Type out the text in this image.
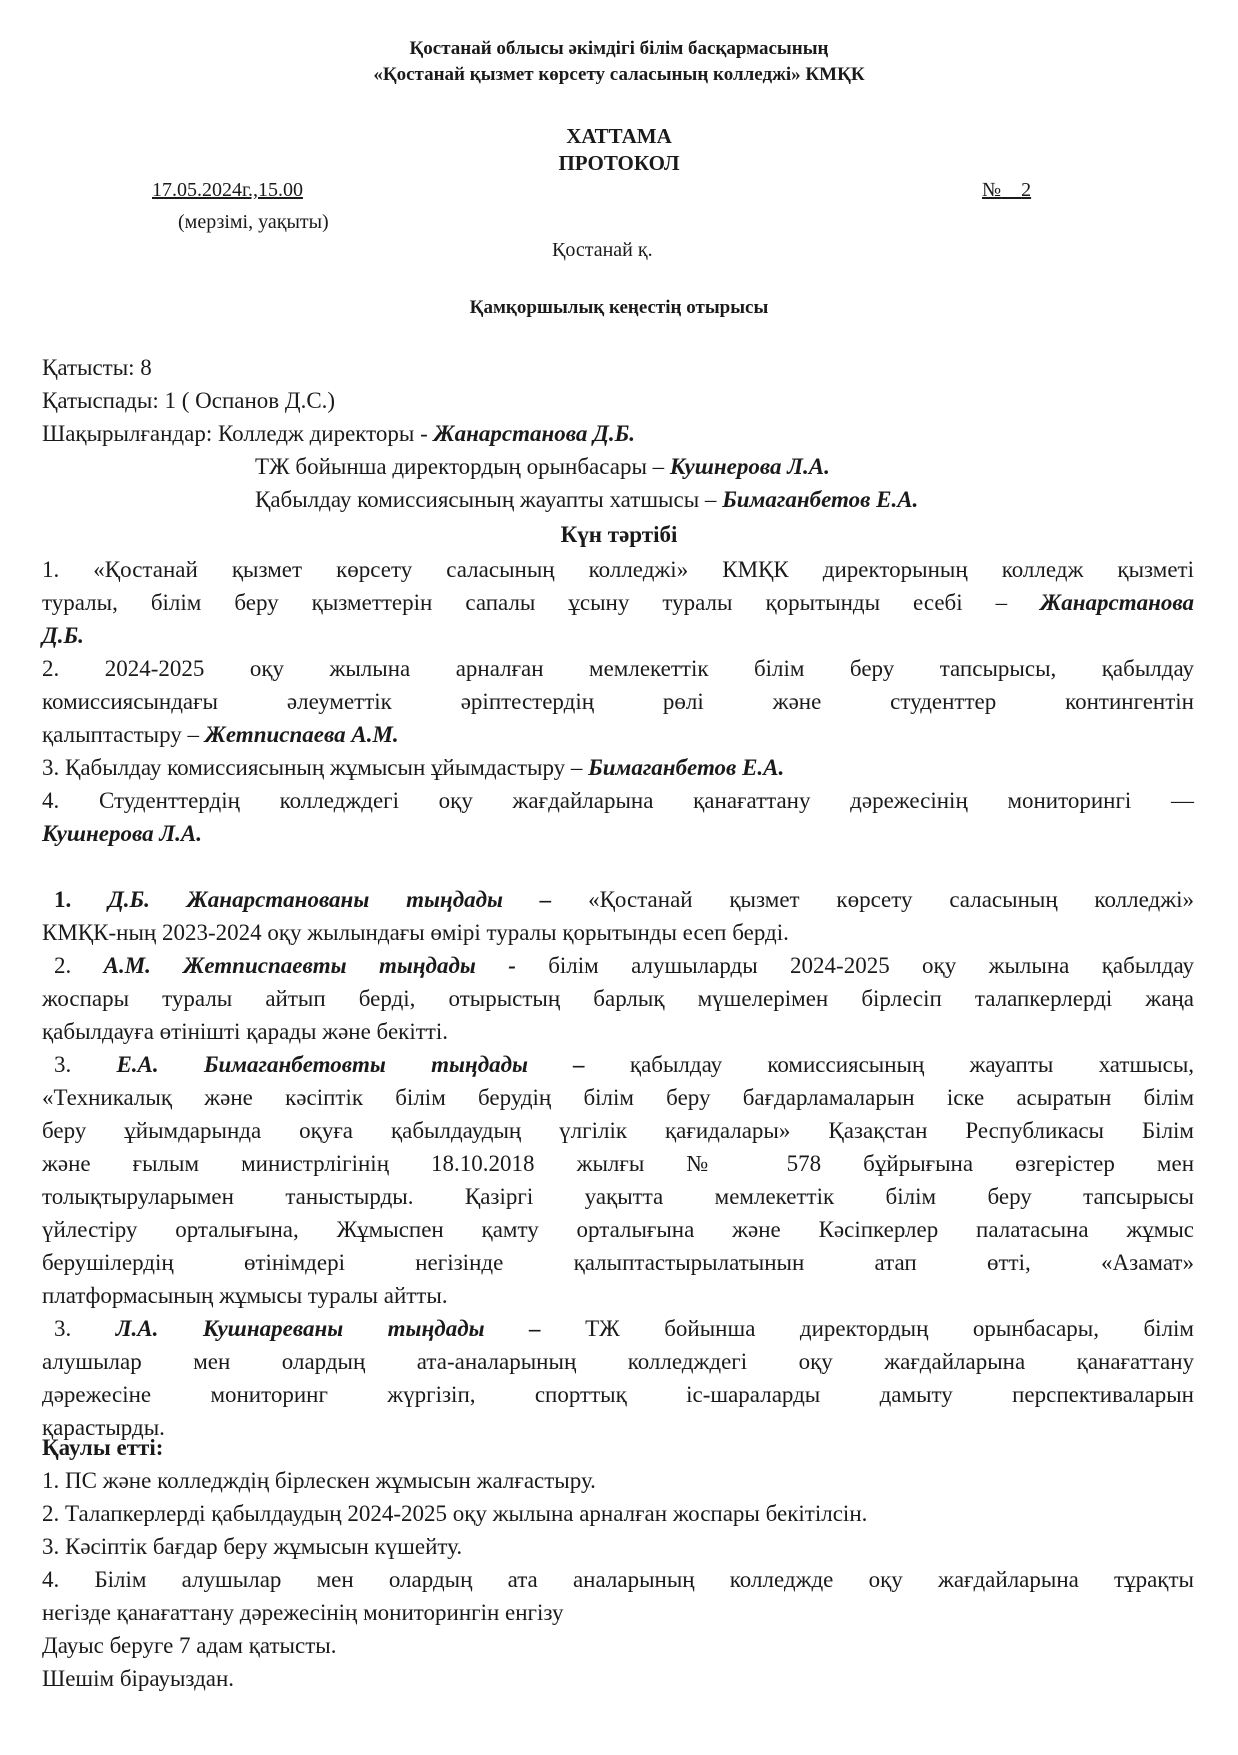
Қостанай облысы әкімдігі білім басқармасының
«Қостанай қызмет көрсету саласының колледжі» КМҚК
ХАТТАМА
ПРОТОКОЛ
17.05.2024г.,15.00
(мерзімі, уақыты)
№ 2
Қостанай қ.
Қамқоршылық кеңестің отырысы
Қатысты: 8
Қатыспады: 1 ( Оспанов Д.С.)
Шақырылғандар: Колледж директоры - Жанарстанова Д.Б.
ТЖ бойынша директордың орынбасары – Кушнерова Л.А.
Қабылдау комиссиясының жауапты хатшысы – Бимаганбетов Е.А.
Күн тәртібі
1. «Қостанай қызмет көрсету саласының колледжі» КМҚК директорының колледж қызметі
туралы, білім беру қызметтерін сапалы ұсыну туралы қорытынды есебі – Жанарстанова
Д.Б.
2. 2024-2025 оқу жылына арналған мемлекеттік білім беру тапсырысы, қабылдау
комиссиясындағы әлеуметтік әріптестердің рөлі және студенттер контингентін
қалыптастыру – Жетписпаева А.М.
3. Қабылдау комиссиясының жұмысын ұйымдастыру – Бимаганбетов Е.А.
4. Студенттердің колледждегі оқу жағдайларына қанағаттану дәрежесінің мониторингі —
Кушнерова Л.А.
1. Д.Б. Жанарстанованы тыңдады – «Қостанай қызмет көрсету саласының колледжі»
КМҚК-ның 2023-2024 оқу жылындағы өмірі туралы қорытынды есеп берді.
2. А.М. Жетписпаевты тыңдады - білім алушыларды 2024-2025 оқу жылына қабылдау
жоспары туралы айтып берді, отырыстың барлық мүшелерімен бірлесіп талапкерлерді жаңа
қабылдауға өтінішті қарады және бекітті.
3. Е.А. Бимаганбетовты тыңдады – қабылдау комиссиясының жауапты хатшысы,
«Техникалық және кәсіптік білім берудің білім беру бағдарламаларын іске асыратын білім
беру ұйымдарында оқуға қабылдаудың үлгілік қағидалары» Қазақстан Республикасы Білім
және ғылым министрлігінің 18.10.2018 жылғы № 578 бұйрығына өзгерістер мен
толықтыруларымен таныстырды. Қазіргі уақытта мемлекеттік білім беру тапсырысы
үйлестіру орталығына, Жұмыспен қамту орталығына және Кәсіпкерлер палатасына жұмыс
берушілердің өтінімдері негізінде қалыптастырылатынын атап өтті, «Азамат»
платформасының жұмысы туралы айтты.
3. Л.А. Кушнареваны тыңдады – ТЖ бойынша директордың орынбасары, білім
алушылар мен олардың ата-аналарының колледждегі оқу жағдайларына қанағаттану
дәрежесіне мониторинг жүргізіп, спорттық іс-шараларды дамыту перспективаларын
қарастырды.
Қаулы етті:
1. ПС және колледждің бірлескен жұмысын жалғастыру.
2. Талапкерлерді қабылдаудың 2024-2025 оқу жылына арналған жоспары бекітілсін.
3. Кәсіптік бағдар беру жұмысын күшейту.
4. Білім алушылар мен олардың ата аналарының колледжде оқу жағдайларына тұрақты
негізде қанағаттану дәрежесінің мониторингін енгізу
Дауыс беруге 7 адам қатысты.
Шешім бірауыздан.
